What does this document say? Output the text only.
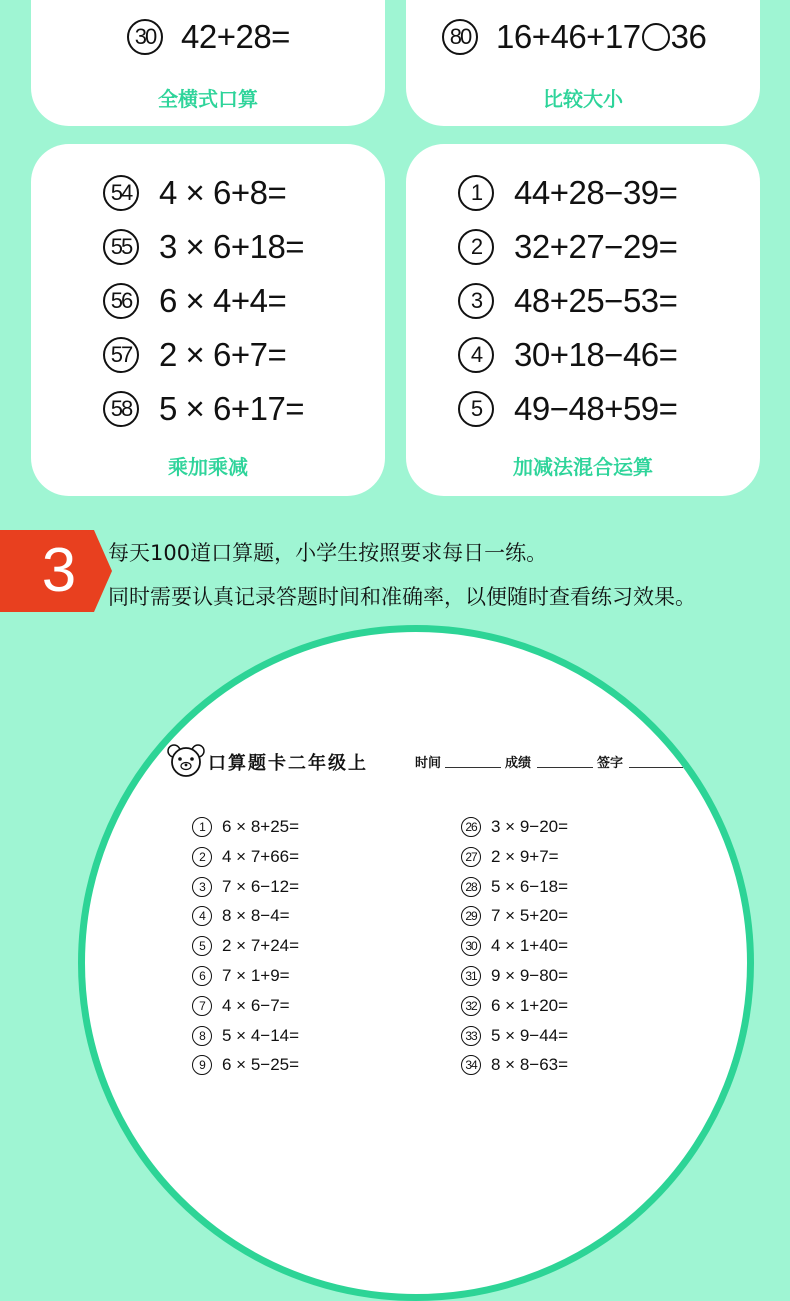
30 42+28=
全横式口算
80 16+46+17 36
比较大小
54 4 × 6+8=
55 3 × 6+18=
56 6 × 4+4=
57 2 × 6+7=
58 5 × 6+17=
乘加乘减
1 44+28−39=
2 32+27−29=
3 48+25−53=
4 30+18−46=
5 49−48+59=
加减法混合运算
3	每天100道口算题，小学生按照要求每日一练。
同时需要认真记录答题时间和准确率，以便随时查看练习效果。
口算题卡二年级上	时间	成绩	签字
1	6 × 8+25=
2	4 × 7+66=
3	7 × 6−12=
4	8 × 8−4=
5	2 × 7+24=
6	7 × 1+9=
7	4 × 6−7=
8	5 × 4−14=
9	6 × 5−25=
26 3 × 9−20=
27 2 × 9+7=
28 5 × 6−18=
29 7 × 5+20=
30 4 × 1+40=
31 9 × 9−80=
32 6 × 1+20=
33 5 × 9−44=
34 8 × 8−63=
